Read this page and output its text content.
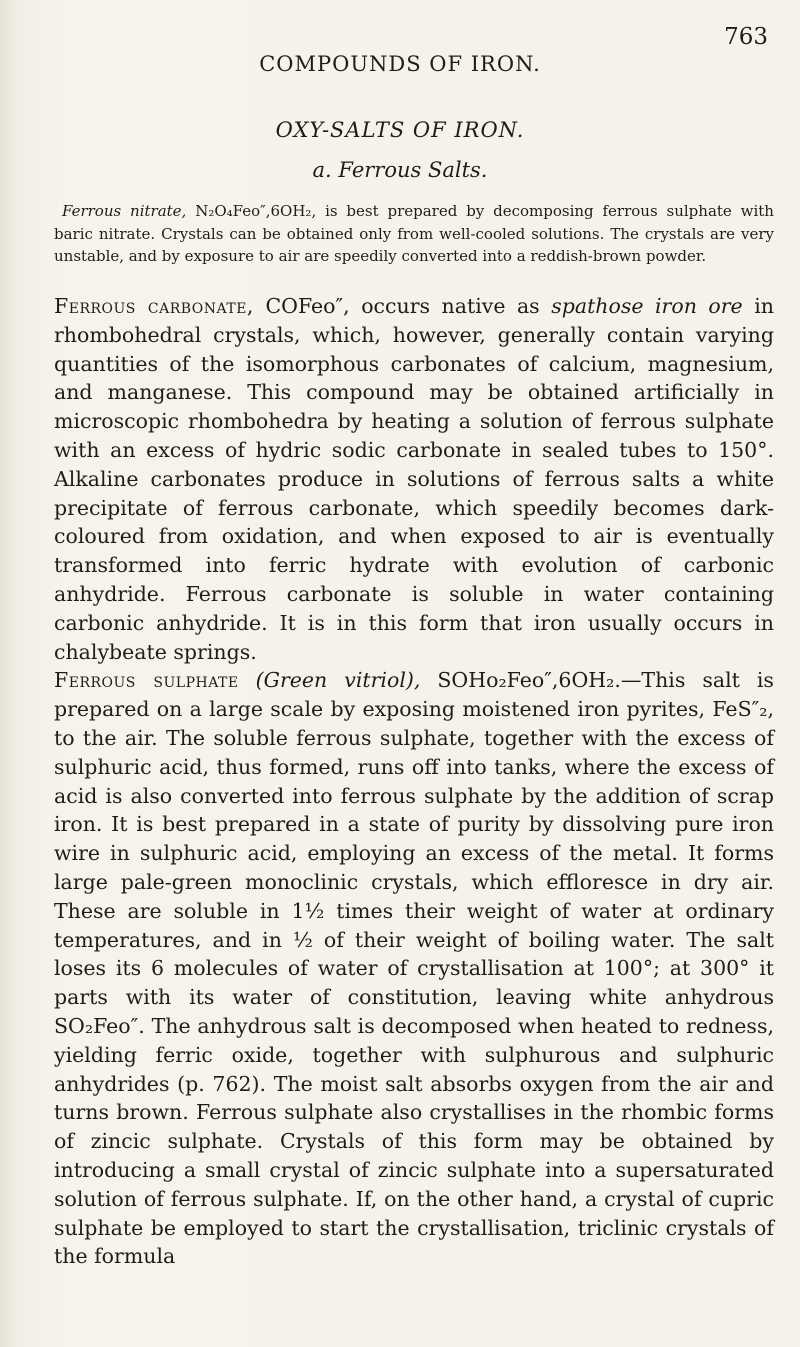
COMPOUNDS OF IRON.
763
OXY-SALTS OF IRON.
a. Ferrous Salts.
Ferrous nitrate, N₂O₄Feo″,6OH₂, is best prepared by decomposing ferrous sulphate with baric nitrate. Crystals can be obtained only from well-cooled solutions. The crystals are very unstable, and by exposure to air are speedily converted into a reddish-brown powder.

Ferrous carbonate, COFeo″, occurs native as spathose iron ore in rhombohedral crystals, which, however, generally contain varying quantities of the isomorphous carbonates of calcium, magnesium, and manganese. This compound may be obtained artificially in microscopic rhombohedra by heating a solution of ferrous sulphate with an excess of hydric sodic carbonate in sealed tubes to 150°. Alkaline carbonates produce in solutions of ferrous salts a white precipitate of ferrous carbonate, which speedily becomes dark-coloured from oxidation, and when exposed to air is eventually transformed into ferric hydrate with evolution of carbonic anhydride. Ferrous carbonate is soluble in water containing carbonic anhydride. It is in this form that iron usually occurs in chalybeate springs.

Ferrous sulphate (Green vitriol), SOHo₂Feo″,6OH₂.—This salt is prepared on a large scale by exposing moistened iron pyrites, FeS″₂, to the air. The soluble ferrous sulphate, together with the excess of sulphuric acid, thus formed, runs off into tanks, where the excess of acid is also converted into ferrous sulphate by the addition of scrap iron. It is best prepared in a state of purity by dissolving pure iron wire in sulphuric acid, employing an excess of the metal. It forms large pale-green monoclinic crystals, which effloresce in dry air. These are soluble in 1½ times their weight of water at ordinary temperatures, and in ½ of their weight of boiling water. The salt loses its 6 molecules of water of crystallisation at 100°; at 300° it parts with its water of constitution, leaving white anhydrous SO₂Feo″. The anhydrous salt is decomposed when heated to redness, yielding ferric oxide, together with sulphurous and sulphuric anhydrides (p. 762). The moist salt absorbs oxygen from the air and turns brown. Ferrous sulphate also crystallises in the rhombic forms of zincic sulphate. Crystals of this form may be obtained by introducing a small crystal of zincic sulphate into a supersaturated solution of ferrous sulphate. If, on the other hand, a crystal of cupric sulphate be employed to start the crystallisation, triclinic crystals of the formula
